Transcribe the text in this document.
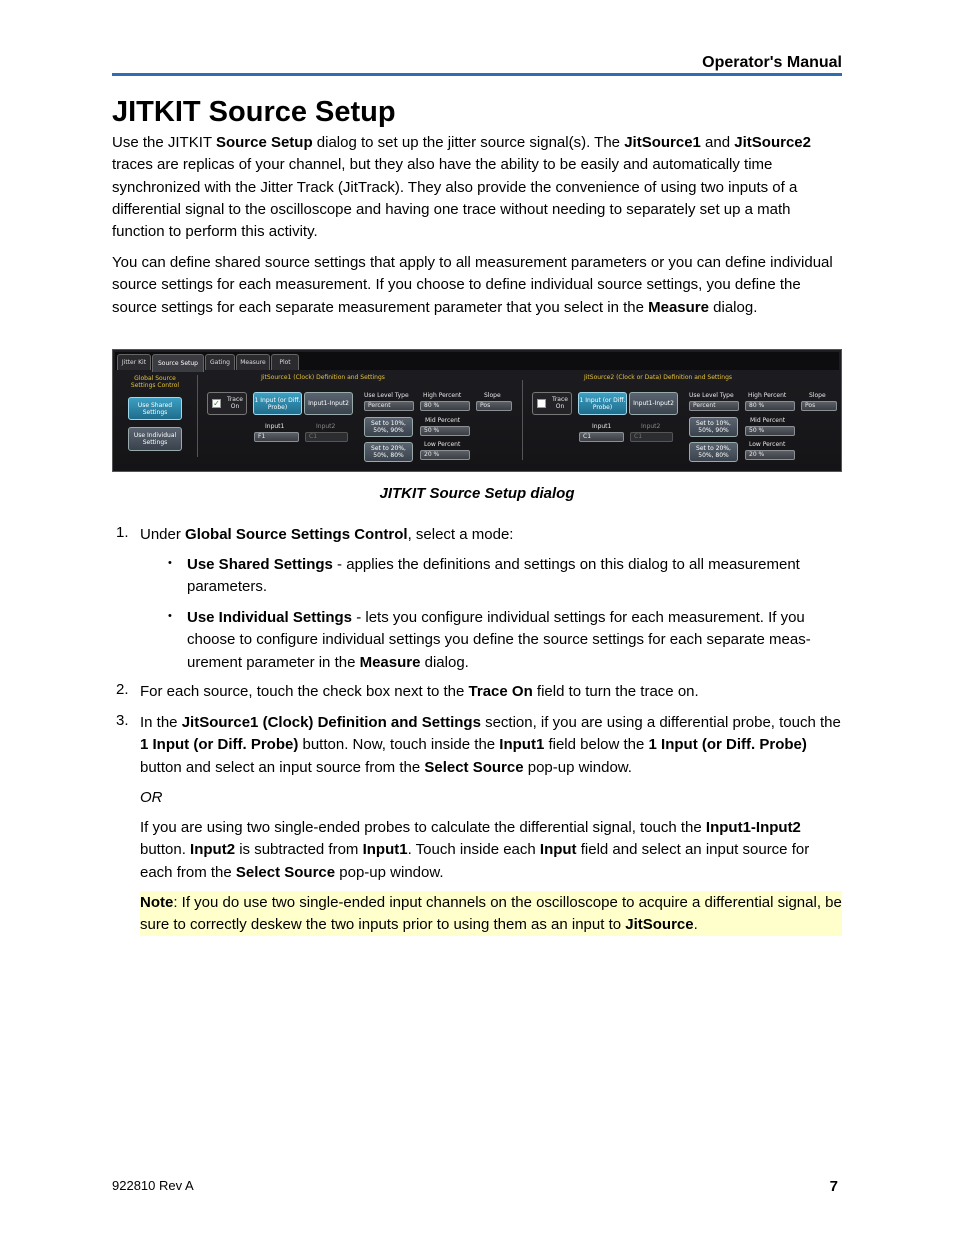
Operator's Manual
JITKIT Source Setup
Use the JITKIT Source Setup dialog to set up the jitter source signal(s). The JitSource1 and JitSource2 traces are replicas of your channel, but they also have the ability to be easily and automatically time synchronized with the Jitter Track (JitTrack). They also provide the convenience of using two inputs of a differential signal to the oscilloscope and having one trace without needing to separately set up a math function to perform this activity.
You can define shared source settings that apply to all measurement parameters or you can define individual source settings for each measurement. If you choose to define individual source settings, you define the source settings for each separate measurement parameter that you select in the Measure dialog.
Jitter Kit	Source Setup	Gating	Measure	Plot
Global Source Settings Control
Use Shared Settings
Use Individual Settings
JitSource1 (Clock) Definition and Settings
✓	Trace On
1 Input (or Diff. Probe)	Input1-Input2
Input1	Input2
F1	C1
Use Level Type
Percent
High Percent
80 %
Slope
Pos
Set to 10%, 50%, 90%
Set to 20%, 50%, 80%
Mid Percent
50 %
Low Percent
20 %
JitSource2 (Clock or Data) Definition and Settings
Trace On
1 Input (or Diff. Probe)	Input1-Input2
Input1	Input2
C1	C1
Use Level Type
Percent
High Percent
80 %
Slope
Pos
Set to 10%, 50%, 90%
Set to 20%, 50%, 80%
Mid Percent
50 %
Low Percent
20 %
JITKIT Source Setup dialog
1. Under Global Source Settings Control, select a mode:
• Use Shared Settings - applies the definitions and settings on this dialog to all measurement parameters.
• Use Individual Settings - lets you configure individual settings for each measurement. If you choose to configure individual settings you define the source settings for each separate meas-urement parameter in the Measure dialog.
2. For each source, touch the check box next to the Trace On field to turn the trace on.
3. In the JitSource1 (Clock) Definition and Settings section, if you are using a differential probe, touch the 1 Input (or Diff. Probe) button. Now, touch inside the Input1 field below the 1 Input (or Diff. Probe) button and select an input source from the Select Source pop-up window.
OR
If you are using two single-ended probes to calculate the differential signal, touch the Input1-Input2 button. Input2 is subtracted from Input1. Touch inside each Input field and select an input source for each from the Select Source pop-up window.
Note: If you do use two single-ended input channels on the oscilloscope to acquire a differential signal, be sure to correctly deskew the two inputs prior to using them as an input to JitSource.
922810 Rev A	7
